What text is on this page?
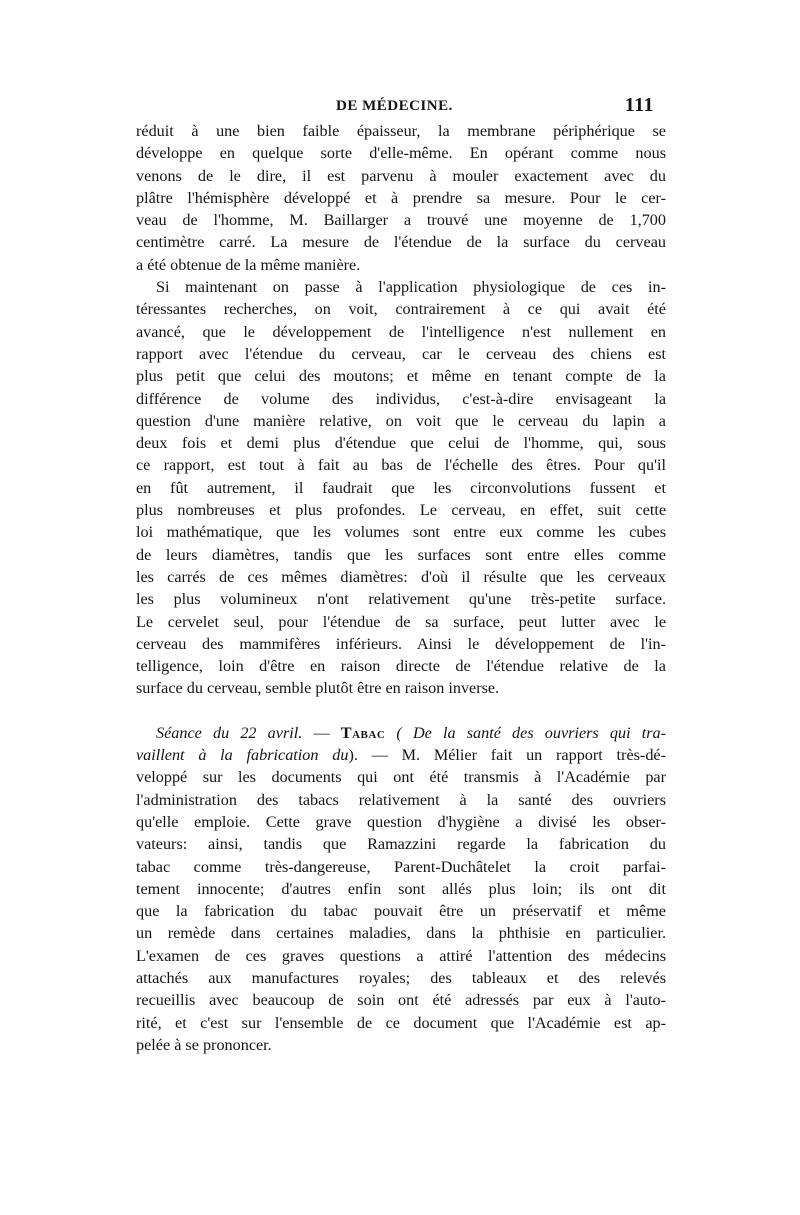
DE MÉDECINE.	111
réduit à une bien faible épaisseur, la membrane périphérique se
développe en quelque sorte d'elle-même. En opérant comme nous
venons de le dire, il est parvenu à mouler exactement avec du
plâtre l'hémisphère développé et à prendre sa mesure. Pour le cer-
veau de l'homme, M. Baillarger a trouvé une moyenne de 1,700
centimètre carré. La mesure de l'étendue de la surface du cerveau
a été obtenue de la même manière.
Si maintenant on passe à l'application physiologique de ces in-
téressantes recherches, on voit, contrairement à ce qui avait été
avancé, que le développement de l'intelligence n'est nullement en
rapport avec l'étendue du cerveau, car le cerveau des chiens est
plus petit que celui des moutons; et même en tenant compte de la
différence de volume des individus, c'est-à-dire envisageant la
question d'une manière relative, on voit que le cerveau du lapin a
deux fois et demi plus d'étendue que celui de l'homme, qui, sous
ce rapport, est tout à fait au bas de l'échelle des êtres. Pour qu'il
en fût autrement, il faudrait que les circonvolutions fussent et
plus nombreuses et plus profondes. Le cerveau, en effet, suit cette
loi mathématique, que les volumes sont entre eux comme les cubes
de leurs diamètres, tandis que les surfaces sont entre elles comme
les carrés de ces mêmes diamètres: d'où il résulte que les cerveaux
les plus volumineux n'ont relativement qu'une très-petite surface.
Le cervelet seul, pour l'étendue de sa surface, peut lutter avec le
cerveau des mammifères inférieurs. Ainsi le développement de l'in-
telligence, loin d'être en raison directe de l'étendue relative de la
surface du cerveau, semble plutôt être en raison inverse.
Séance du 22 avril. — Tabac ( De la santé des ouvriers qui tra-
vaillent à la fabrication du). — M. Mélier fait un rapport très-dé-
veloppé sur les documents qui ont été transmis à l'Académie par
l'administration des tabacs relativement à la santé des ouvriers
qu'elle emploie. Cette grave question d'hygiène a divisé les obser-
vateurs: ainsi, tandis que Ramazzini regarde la fabrication du
tabac comme très-dangereuse, Parent-Duchâtelet la croit parfai-
tement innocente; d'autres enfin sont allés plus loin; ils ont dit
que la fabrication du tabac pouvait être un préservatif et même
un remède dans certaines maladies, dans la phthisie en particulier.
L'examen de ces graves questions a attiré l'attention des médecins
attachés aux manufactures royales; des tableaux et des relevés
recueillis avec beaucoup de soin ont été adressés par eux à l'auto-
rité, et c'est sur l'ensemble de ce document que l'Académie est ap-
pelée à se prononcer.
